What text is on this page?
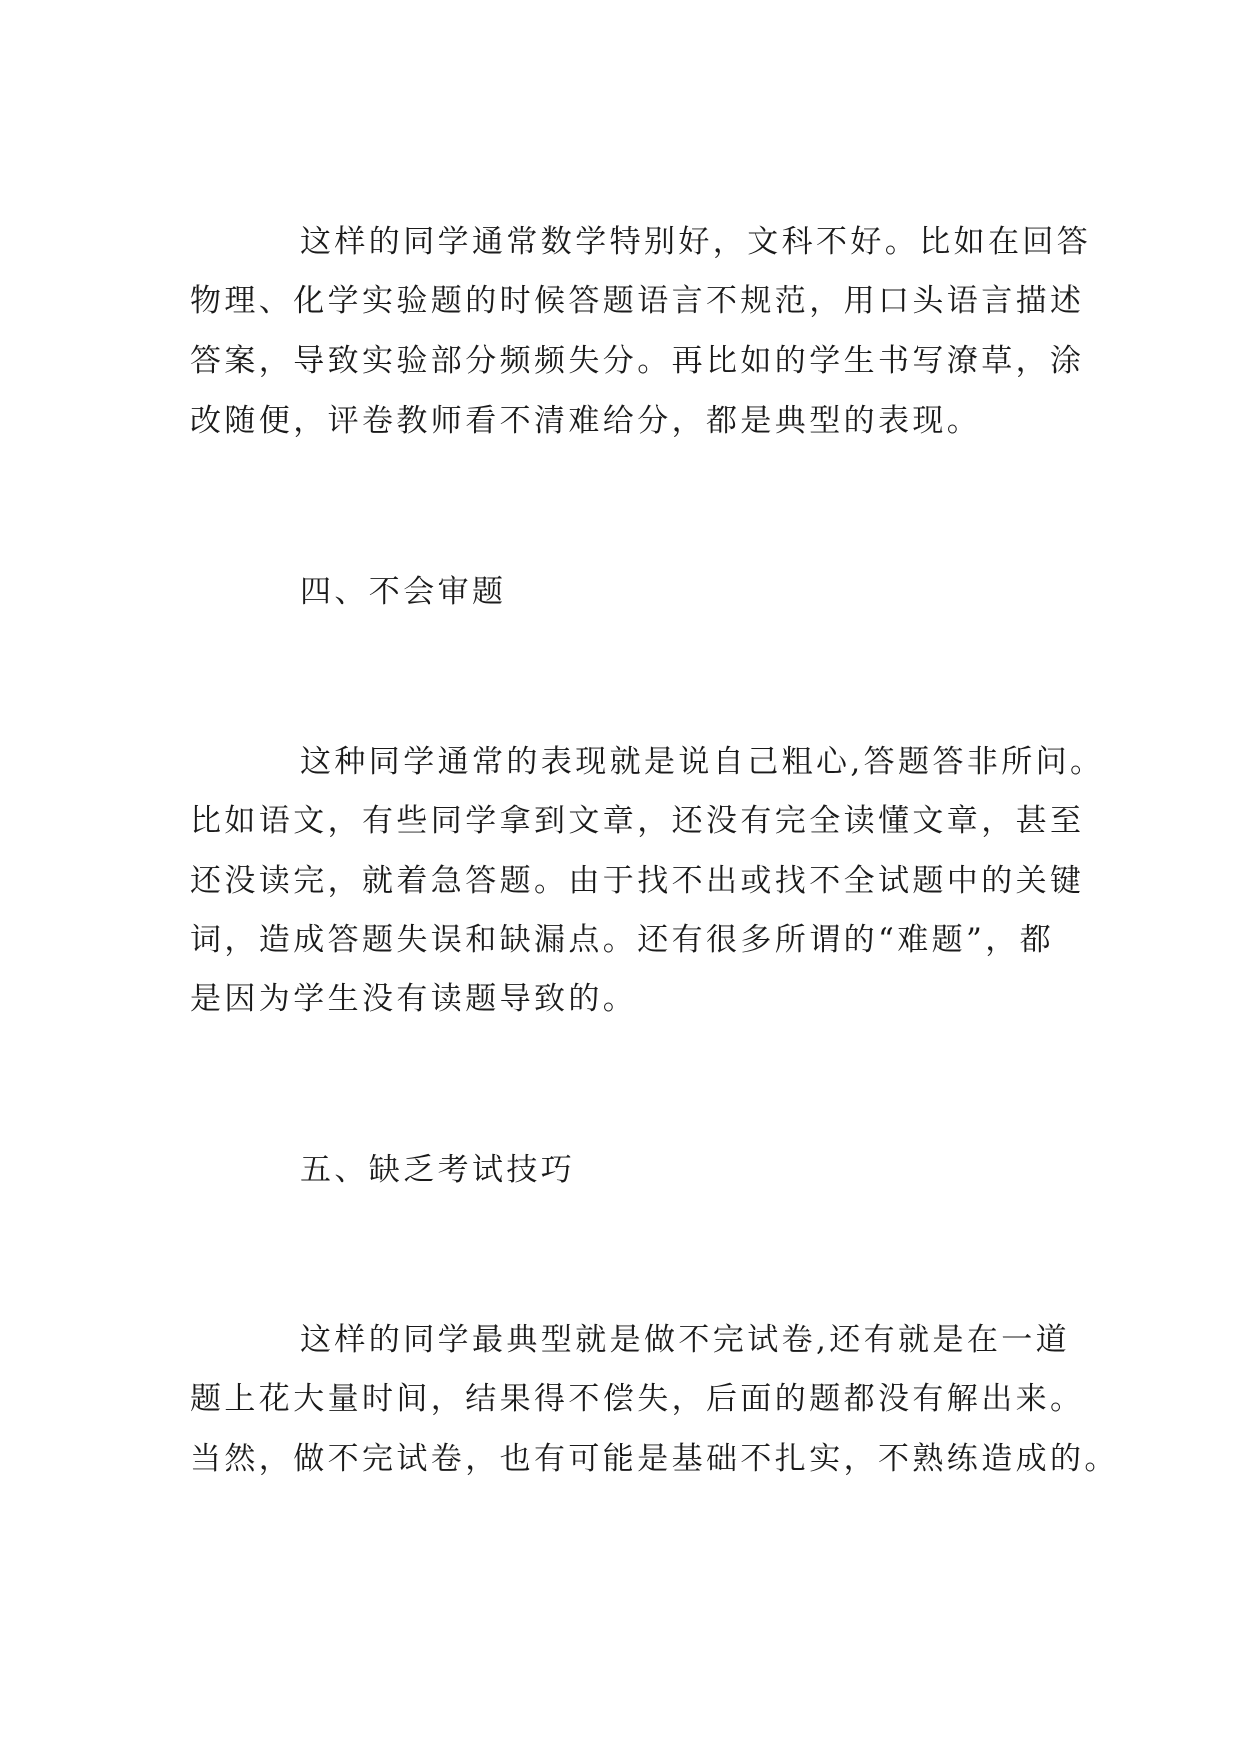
这样的同学通常数学特别好，文科不好。比如在回答
物理、化学实验题的时候答题语言不规范，用口头语言描述
答案，导致实验部分频频失分。再比如的学生书写潦草，涂
改随便，评卷教师看不清难给分，都是典型的表现。
四、不会审题
这种同学通常的表现就是说自己粗心,答题答非所问。
比如语文，有些同学拿到文章，还没有完全读懂文章，甚至
还没读完，就着急答题。由于找不出或找不全试题中的关键
词，造成答题失误和缺漏点。还有很多所谓的“难题”，都
是因为学生没有读题导致的。
五、缺乏考试技巧
这样的同学最典型就是做不完试卷,还有就是在一道
题上花大量时间，结果得不偿失，后面的题都没有解出来。
当然，做不完试卷，也有可能是基础不扎实，不熟练造成的。
